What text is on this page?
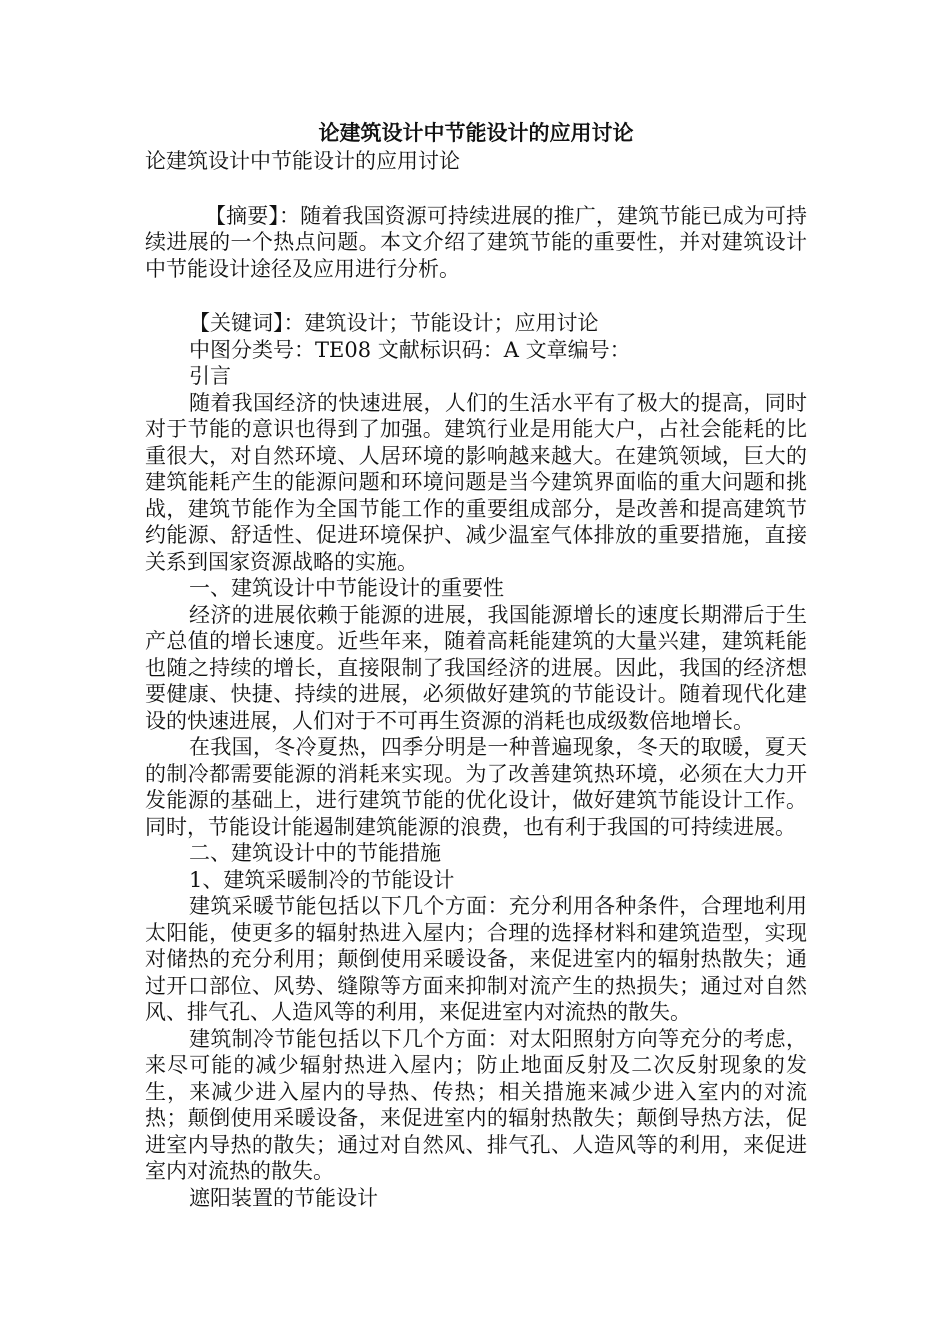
论建筑设计中节能设计的应用讨论

论建筑设计中节能设计的应用讨论

【摘要】：随着我国资源可持续进展的推广，建筑节能已成为可持续进展的一个热点问题。本文介绍了建筑节能的重要性，并对建筑设计中节能设计途径及应用进行分析。

【关键词】：建筑设计；节能设计；应用讨论

中图分类号：TE08 文献标识码：A 文章编号：

引言

随着我国经济的快速进展，人们的生活水平有了极大的提高，同时对于节能的意识也得到了加强。建筑行业是用能大户，占社会能耗的比重很大，对自然环境、人居环境的影响越来越大。在建筑领域，巨大的建筑能耗产生的能源问题和环境问题是当今建筑界面临的重大问题和挑战，建筑节能作为全国节能工作的重要组成部分，是改善和提高建筑节约能源、舒适性、促进环境保护、减少温室气体排放的重要措施，直接关系到国家资源战略的实施。

一、建筑设计中节能设计的重要性

经济的进展依赖于能源的进展，我国能源增长的速度长期滞后于生产总值的增长速度。近些年来，随着高耗能建筑的大量兴建，建筑耗能也随之持续的增长，直接限制了我国经济的进展。因此，我国的经济想要健康、快捷、持续的进展，必须做好建筑的节能设计。随着现代化建设的快速进展，人们对于不可再生资源的消耗也成级数倍地增长。

在我国，冬冷夏热，四季分明是一种普遍现象，冬天的取暖，夏天的制冷都需要能源的消耗来实现。为了改善建筑热环境，必须在大力开发能源的基础上，进行建筑节能的优化设计，做好建筑节能设计工作。同时，节能设计能遏制建筑能源的浪费，也有利于我国的可持续进展。

二、建筑设计中的节能措施

1、建筑采暖制冷的节能设计

建筑采暖节能包括以下几个方面：充分利用各种条件，合理地利用太阳能，使更多的辐射热进入屋内；合理的选择材料和建筑造型，实现对储热的充分利用；颠倒使用采暖设备，来促进室内的辐射热散失；通过开口部位、风势、缝隙等方面来抑制对流产生的热损失；通过对自然风、排气孔、人造风等的利用，来促进室内对流热的散失。

建筑制冷节能包括以下几个方面：对太阳照射方向等充分的考虑，来尽可能的减少辐射热进入屋内；防止地面反射及二次反射现象的发生，来减少进入屋内的导热、传热；相关措施来减少进入室内的对流热；颠倒使用采暖设备，来促进室内的辐射热散失；颠倒导热方法，促进室内导热的散失；通过对自然风、排气孔、人造风等的利用，来促进室内对流热的散失。

遮阳装置的节能设计
